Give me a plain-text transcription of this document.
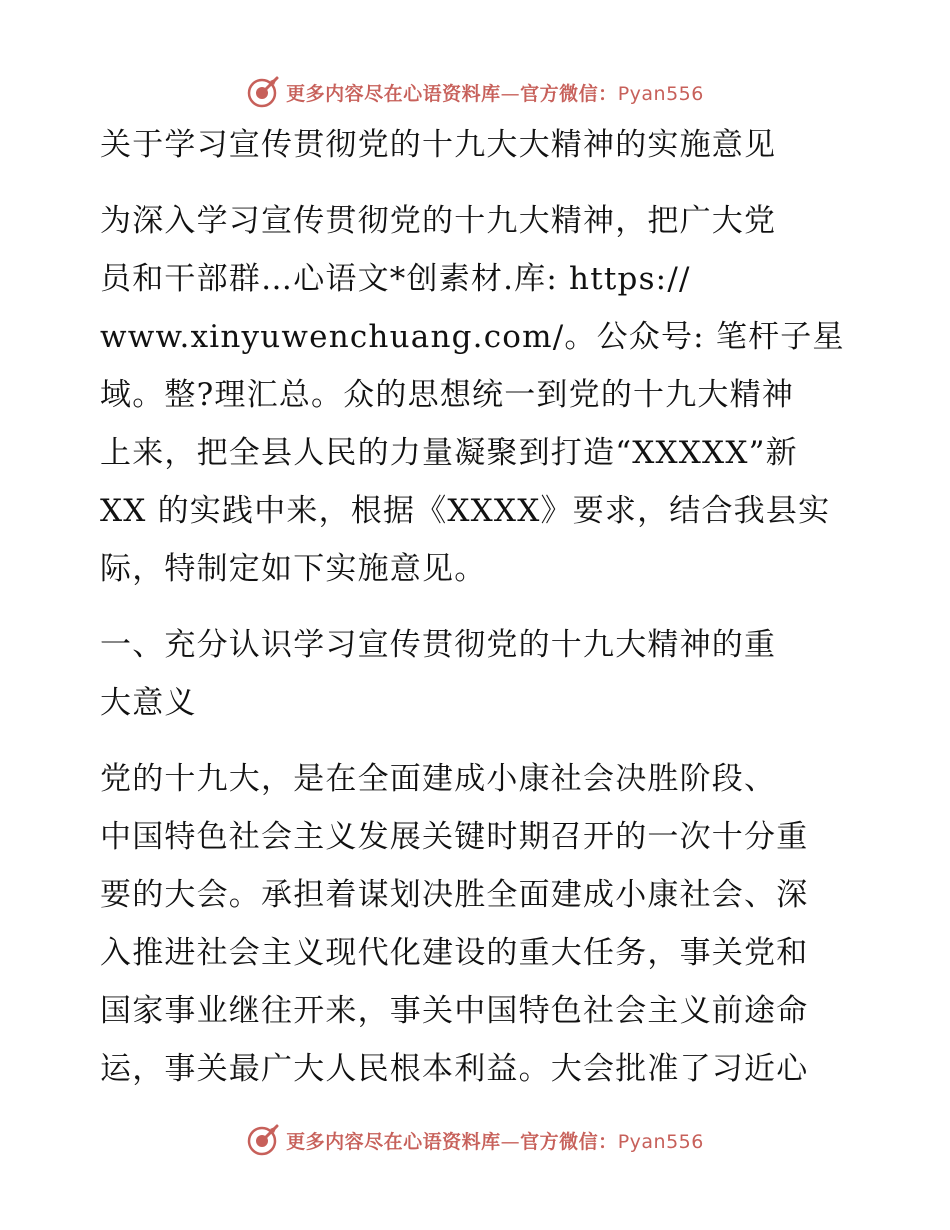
更多内容尽在心语资料库—官方微信：Pyan556
关于学习宣传贯彻党的十九大大精神的实施意见
为深入学习宣传贯彻党的十九大精神，把广大党
员和干部群…心语文*创素材.库: https://
www.xinyuwenchuang.com/。公众号: 笔杆子星
域。整?理汇总。众的思想统一到党的十九大精神
上来，把全县人民的力量凝聚到打造“XXXXX”新
XX 的实践中来，根据《XXXX》要求，结合我县实
际，特制定如下实施意见。
一、充分认识学习宣传贯彻党的十九大精神的重
大意义
党的十九大，是在全面建成小康社会决胜阶段、
中国特色社会主义发展关键时期召开的一次十分重
要的大会。承担着谋划决胜全面建成小康社会、深
入推进社会主义现代化建设的重大任务，事关党和
国家事业继往开来，事关中国特色社会主义前途命
运，事关最广大人民根本利益。大会批准了习近心
更多内容尽在心语资料库—官方微信：Pyan556
